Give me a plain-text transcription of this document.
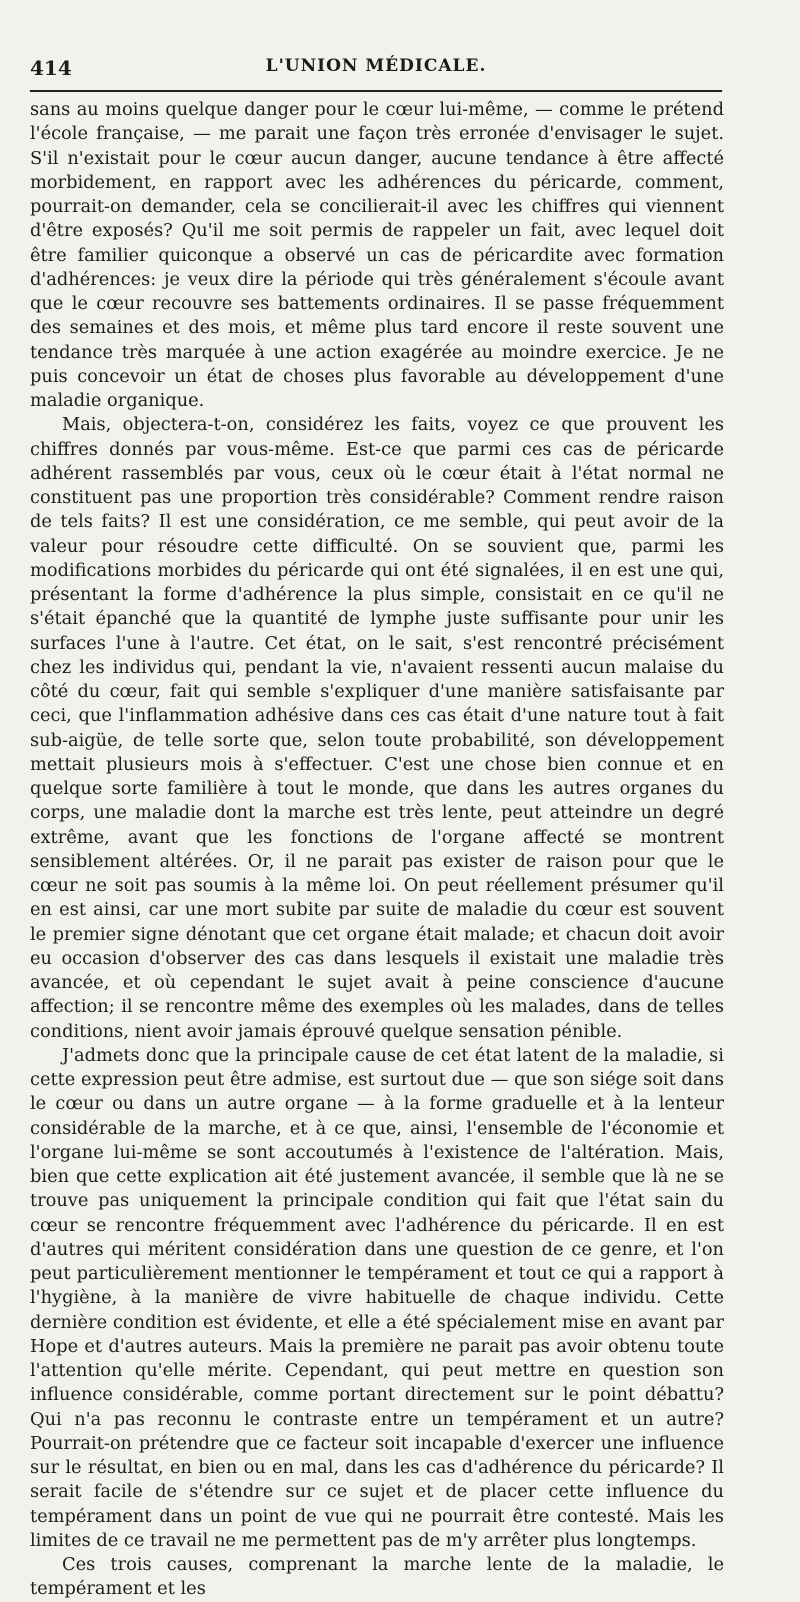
414	L'UNION MÉDICALE.

sans au moins quelque danger pour le cœur lui-même, — comme le prétend l'école française, — me parait une façon très erronée d'envisager le sujet. S'il n'existait pour le cœur aucun danger, aucune tendance à être affecté morbidement, en rapport avec les adhérences du péricarde, comment, pourrait-on demander, cela se concilierait-il avec les chiffres qui viennent d'être exposés? Qu'il me soit permis de rappeler un fait, avec lequel doit être familier quiconque a observé un cas de péricardite avec formation d'adhérences: je veux dire la période qui très généralement s'écoule avant que le cœur recouvre ses battements ordinaires. Il se passe fréquemment des semaines et des mois, et même plus tard encore il reste souvent une tendance très marquée à une action exagérée au moindre exercice. Je ne puis concevoir un état de choses plus favorable au développement d'une maladie organique.

Mais, objectera-t-on, considérez les faits, voyez ce que prouvent les chiffres donnés par vous-même. Est-ce que parmi ces cas de péricarde adhérent rassemblés par vous, ceux où le cœur était à l'état normal ne constituent pas une proportion très considérable? Comment rendre raison de tels faits? Il est une considération, ce me semble, qui peut avoir de la valeur pour résoudre cette difficulté. On se souvient que, parmi les modifications morbides du péricarde qui ont été signalées, il en est une qui, présentant la forme d'adhérence la plus simple, consistait en ce qu'il ne s'était épanché que la quantité de lymphe juste suffisante pour unir les surfaces l'une à l'autre. Cet état, on le sait, s'est rencontré précisément chez les individus qui, pendant la vie, n'avaient ressenti aucun malaise du côté du cœur, fait qui semble s'expliquer d'une manière satisfaisante par ceci, que l'inflammation adhésive dans ces cas était d'une nature tout à fait sub-aigüe, de telle sorte que, selon toute probabilité, son développement mettait plusieurs mois à s'effectuer. C'est une chose bien connue et en quelque sorte familière à tout le monde, que dans les autres organes du corps, une maladie dont la marche est très lente, peut atteindre un degré extrême, avant que les fonctions de l'organe affecté se montrent sensiblement altérées. Or, il ne parait pas exister de raison pour que le cœur ne soit pas soumis à la même loi. On peut réellement présumer qu'il en est ainsi, car une mort subite par suite de maladie du cœur est souvent le premier signe dénotant que cet organe était malade; et chacun doit avoir eu occasion d'observer des cas dans lesquels il existait une maladie très avancée, et où cependant le sujet avait à peine conscience d'aucune affection; il se rencontre même des exemples où les malades, dans de telles conditions, nient avoir jamais éprouvé quelque sensation pénible.

J'admets donc que la principale cause de cet état latent de la maladie, si cette expression peut être admise, est surtout due — que son siége soit dans le cœur ou dans un autre organe — à la forme graduelle et à la lenteur considérable de la marche, et à ce que, ainsi, l'ensemble de l'économie et l'organe lui-même se sont accoutumés à l'existence de l'altération. Mais, bien que cette explication ait été justement avancée, il semble que là ne se trouve pas uniquement la principale condition qui fait que l'état sain du cœur se rencontre fréquemment avec l'adhérence du péricarde. Il en est d'autres qui méritent considération dans une question de ce genre, et l'on peut particulièrement mentionner le tempérament et tout ce qui a rapport à l'hygiène, à la manière de vivre habituelle de chaque individu. Cette dernière condition est évidente, et elle a été spécialement mise en avant par Hope et d'autres auteurs. Mais la première ne parait pas avoir obtenu toute l'attention qu'elle mérite. Cependant, qui peut mettre en question son influence considérable, comme portant directement sur le point débattu? Qui n'a pas reconnu le contraste entre un tempérament et un autre? Pourrait-on prétendre que ce facteur soit incapable d'exercer une influence sur le résultat, en bien ou en mal, dans les cas d'adhérence du péricarde? Il serait facile de s'étendre sur ce sujet et de placer cette influence du tempérament dans un point de vue qui ne pourrait être contesté. Mais les limites de ce travail ne me permettent pas de m'y arrêter plus longtemps.

Ces trois causes, comprenant la marche lente de la maladie, le tempérament et les
